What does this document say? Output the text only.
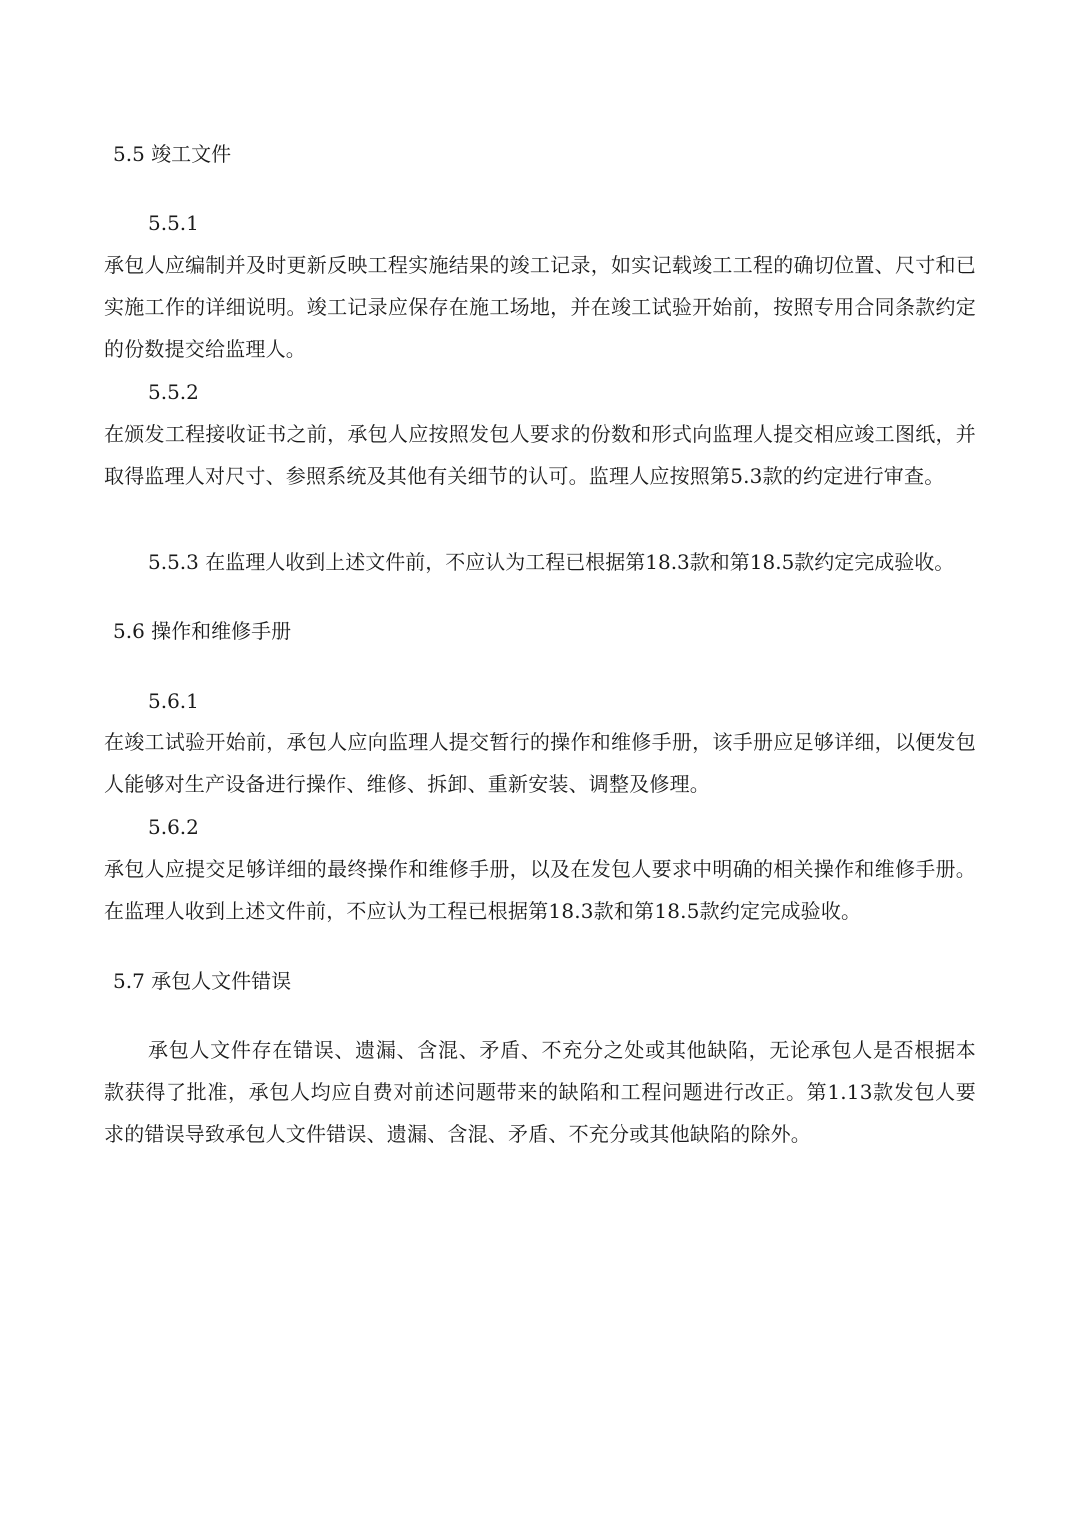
5.5 竣工文件
5.5.1
承包人应编制并及时更新反映工程实施结果的竣工记录，如实记载竣工工程的确切位置、尺寸和已实施工作的详细说明。竣工记录应保存在施工场地，并在竣工试验开始前，按照专用合同条款约定的份数提交给监理人。
5.5.2
在颁发工程接收证书之前，承包人应按照发包人要求的份数和形式向监理人提交相应竣工图纸，并取得监理人对尺寸、参照系统及其他有关细节的认可。监理人应按照第5.3款的约定进行审查。
5.5.3 在监理人收到上述文件前，不应认为工程已根据第18.3款和第18.5款约定完成验收。
5.6 操作和维修手册
5.6.1
在竣工试验开始前，承包人应向监理人提交暂行的操作和维修手册，该手册应足够详细，以便发包人能够对生产设备进行操作、维修、拆卸、重新安装、调整及修理。
5.6.2
承包人应提交足够详细的最终操作和维修手册，以及在发包人要求中明确的相关操作和维修手册。在监理人收到上述文件前，不应认为工程已根据第18.3款和第18.5款约定完成验收。
5.7 承包人文件错误
承包人文件存在错误、遗漏、含混、矛盾、不充分之处或其他缺陷，无论承包人是否根据本款获得了批准，承包人均应自费对前述问题带来的缺陷和工程问题进行改正。第1.13款发包人要求的错误导致承包人文件错误、遗漏、含混、矛盾、不充分或其他缺陷的除外。
